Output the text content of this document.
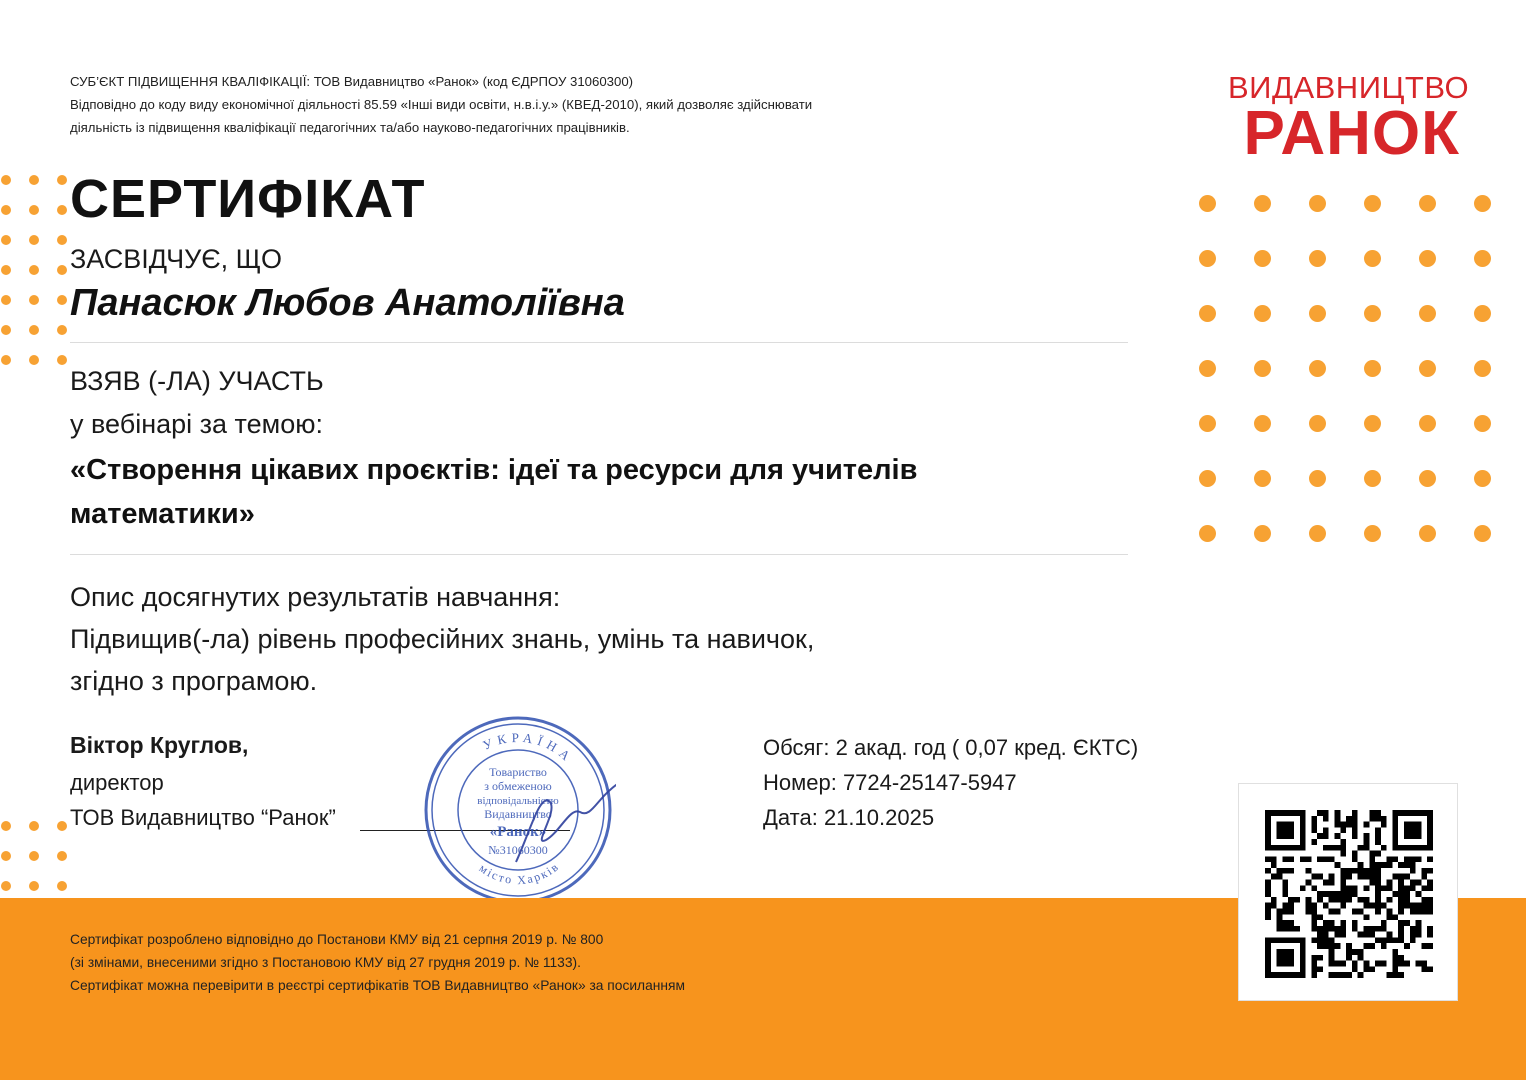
СУБ’ЄКТ ПІДВИЩЕННЯ КВАЛІФІКАЦІЇ: ТОВ Видавництво «Ранок» (код ЄДРПОУ 31060300)
Відповідно до коду виду економічної діяльності 85.59 «Інші види освіти, н.в.і.у.» (КВЕД-2010), який дозволяє здійснювати
діяльність із підвищення кваліфікації педагогічних та/або науково-педагогічних працівників.
ВИДАВНИЦТВО
РАНОК
СЕРТИФІКАТ
ЗАСВІДЧУЄ, ЩО
Панасюк Любов Анатоліївна
ВЗЯВ (-ЛА) УЧАСТЬ
у вебінарі за темою:
«Створення цікавих проєктів: ідеї та ресурси для учителів
математики»
Опис досягнутих результатів навчання:
Підвищив(-ла) рівень професійних знань, умінь та навичок,
згідно з програмою.
Віктор Круглов,
директор
ТОВ Видавництво “Ранок”
УКРАЇНА
місто Харків
Товариство
з обмеженою
відповідальністю
Видавництво
«Ранок»
№31060300
Обсяг: 2 акад. год ( 0,07 кред. ЄКТС)
Номер: 7724-25147-5947
Дата: 21.10.2025
Сертифікат розроблено відповідно до Постанови КМУ від 21 серпня 2019 р. № 800
(зі змінами, внесеними згідно з Постановою КМУ від 27 грудня 2019 р. № 1133).
Сертифікат можна перевірити в реєстрі сертифікатів ТОВ Видавництво «Ранок» за посиланням
